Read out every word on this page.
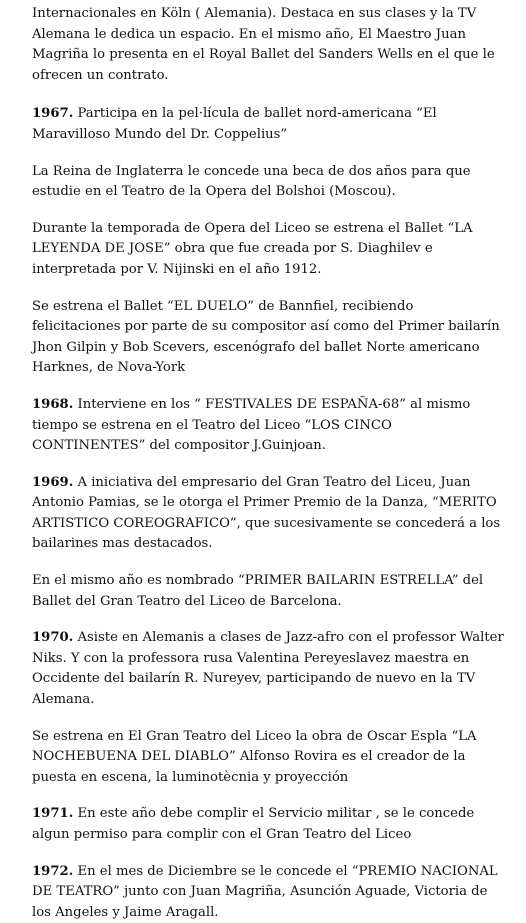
Internacionales en Köln ( Alemania). Destaca en sus clases y la TV Alemana le dedica un espacio. En el mismo año, El Maestro Juan Magriña lo presenta en el Royal Ballet del Sanders Wells en el que le ofrecen un contrato.

1967. Participa en la pel·lícula de ballet nord-americana “El Maravilloso Mundo del Dr. Coppelius”

La Reina de Inglaterra le concede una beca de dos años para que estudie en el Teatro de la Opera del Bolshoi (Moscou).

Durante la temporada de Opera del Liceo se estrena el Ballet “LA LEYENDA DE JOSE” obra que fue creada por S. Diaghilev e interpretada por V. Nijinski en el año 1912.

Se estrena el Ballet “EL DUELO” de Bannfiel, recibiendo felicitaciones por parte de su compositor así como del Primer bailarín Jhon Gilpin y Bob Scevers, escenógrafo del ballet Norte americano Harknes, de Nova-York

1968. Interviene en los “ FESTIVALES DE ESPAÑA-68” al mismo tiempo se estrena en el Teatro del Liceo “LOS CINCO CONTINENTES” del compositor J.Guinjoan.

1969. A iniciativa del empresario del Gran Teatro del Liceu, Juan Antonio Pamias, se le otorga el Primer Premio de la Danza, “MERITO ARTISTICO COREOGRAFICO”, que sucesivamente se concederá a los bailarines mas destacados.

En el mismo año es nombrado “PRIMER BAILARIN ESTRELLA” del Ballet del Gran Teatro del Liceo de Barcelona.

1970. Asiste en Alemanis a clases de Jazz-afro con el professor Walter Niks. Y con la professora rusa Valentina Pereyeslavez maestra en Occidente del bailarín R. Nureyev, participando de nuevo en la TV Alemana.

Se estrena en El Gran Teatro del Liceo la obra de Oscar Espla “LA NOCHEBUENA DEL DIABLO” Alfonso Rovira es el creador de la puesta en escena, la luminotècnia y proyección

1971. En este año debe complir el Servicio militar , se le concede algun permiso para complir con el Gran Teatro del Liceo

1972. En el mes de Diciembre se le concede el “PREMIO NACIONAL DE TEATRO” junto con Juan Magriña, Asunción Aguade, Victoria de los Angeles y Jaime Aragall.
